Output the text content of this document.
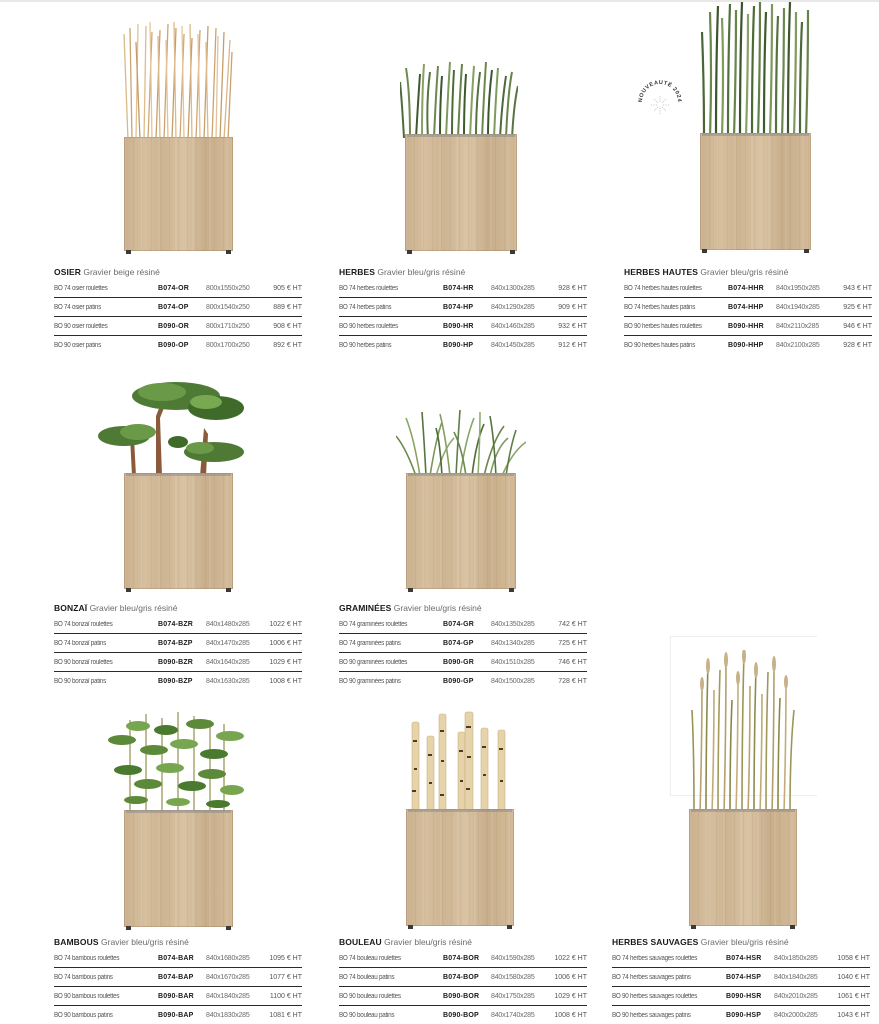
NOUVEAUTÉ 2024
OSIER Gravier beige résiné
BO 74 osier roulettes	B074-OR	800x1550x250	905 € HT
BO 74 osier patins	B074-OP	800x1540x250	889 € HT
BO 90 osier roulettes	B090-OR	800x1710x250	908 € HT
BO 90 osier patins	B090-OP	800x1700x250	892 € HT
HERBES Gravier bleu/gris résiné
BO 74 herbes roulettes	B074-HR	840x1300x285	928 € HT
BO 74 herbes patins	B074-HP	840x1290x285	909 € HT
BO 90 herbes roulettes	B090-HR	840x1460x285	932 € HT
BO 90 herbes patins	B090-HP	840x1450x285	912 € HT
HERBES HAUTES Gravier bleu/gris résiné
BO 74 herbes hautes roulettes	B074-HHR	840x1950x285	943 € HT
BO 74 herbes hautes patins	B074-HHP	840x1940x285	925 € HT
BO 90 herbes hautes roulettes	B090-HHR	840x2110x285	946 € HT
BO 90 herbes hautes patins	B090-HHP	840x2100x285	928 € HT
BONZAÏ Gravier bleu/gris résiné
BO 74 bonzaï roulettes	B074-BZR	840x1480x285	1022 € HT
BO 74 bonzaï patins	B074-BZP	840x1470x285	1006 € HT
BO 90 bonzaï roulettes	B090-BZR	840x1640x285	1029 € HT
BO 90 bonzaï patins	B090-BZP	840x1630x285	1008 € HT
GRAMINÉES Gravier bleu/gris résiné
BO 74 graminées roulettes	B074-GR	840x1350x285	742 € HT
BO 74 graminées patins	B074-GP	840x1340x285	725 € HT
BO 90 graminées roulettes	B090-GR	840x1510x285	746 € HT
BO 90 graminées patins	B090-GP	840x1500x285	728 € HT
BAMBOUS Gravier bleu/gris résiné
BO 74 bambous roulettes	B074-BAR	840x1680x285	1095 € HT
BO 74 bambous patins	B074-BAP	840x1670x285	1077 € HT
BO 90 bambous roulettes	B090-BAR	840x1840x285	1100 € HT
BO 90 bambous patins	B090-BAP	840x1830x285	1081 € HT
BOULEAU Gravier bleu/gris résiné
BO 74 bouleau roulettes	B074-BOR	840x1590x285	1022 € HT
BO 74 bouleau patins	B074-BOP	840x1580x285	1006 € HT
BO 90 bouleau roulettes	B090-BOR	840x1750x285	1029 € HT
BO 90 bouleau patins	B090-BOP	840x1740x285	1008 € HT
HERBES SAUVAGES Gravier bleu/gris résiné
BO 74 herbes sauvages roulettes	B074-HSR	840x1850x285	1058 € HT
BO 74 herbes sauvages patins	B074-HSP	840x1840x285	1040 € HT
BO 90 herbes sauvages roulettes	B090-HSR	840x2010x285	1061 € HT
BO 90 herbes sauvages patins	B090-HSP	840x2000x285	1043 € HT
